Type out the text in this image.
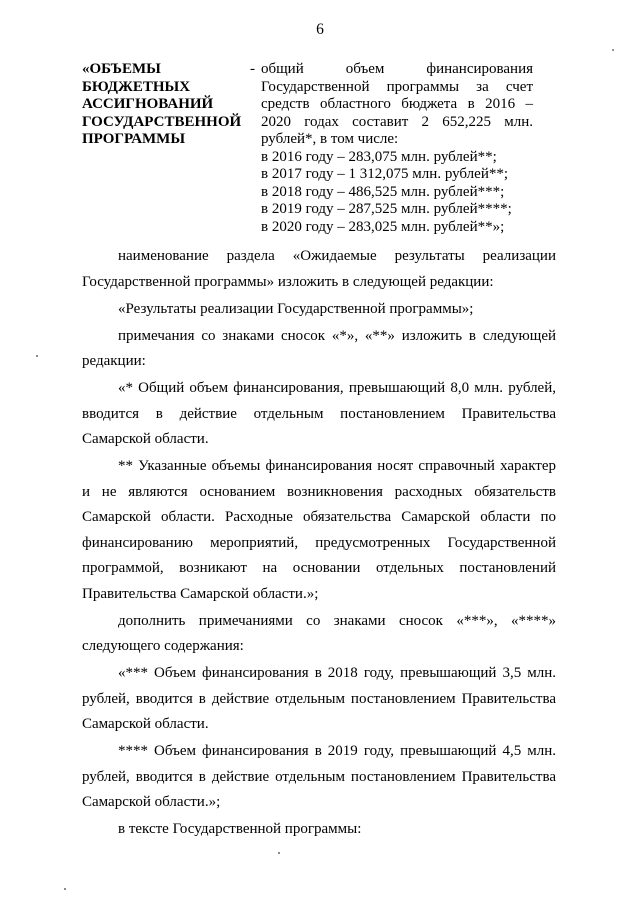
6
«ОБЪЕМЫ
БЮДЖЕТНЫХ
АССИГНОВАНИЙ
ГОСУДАРСТВЕННОЙ
ПРОГРАММЫ
- общий объем финансирования
Государственной программы за счет
средств областного бюджета в 2016 –
2020 годах составит 2 652,225 млн.
рублей*, в том числе:
в 2016 году – 283,075 млн. рублей**;
в 2017 году – 1 312,075 млн. рублей**;
в 2018 году – 486,525 млн. рублей***;
в 2019 году – 287,525 млн. рублей****;
в 2020 году – 283,025 млн. рублей**»;

наименование раздела «Ожидаемые результаты реализации Государственной программы» изложить в следующей редакции:

«Результаты реализации Государственной программы»;

примечания со знаками сносок «*», «**» изложить в следующей редакции:

«* Общий объем финансирования, превышающий 8,0 млн. рублей, вводится в действие отдельным постановлением Правительства Самарской области.

** Указанные объемы финансирования носят справочный характер и не являются основанием возникновения расходных обязательств Самарской области. Расходные обязательства Самарской области по финансированию мероприятий, предусмотренных Государственной программой, возникают на основании отдельных постановлений Правительства Самарской области.»;

дополнить примечаниями со знаками сносок «***», «****» следующего содержания:

«*** Объем финансирования в 2018 году, превышающий 3,5 млн. рублей, вводится в действие отдельным постановлением Правительства Самарской области.

**** Объем финансирования в 2019 году, превышающий 4,5 млн. рублей, вводится в действие отдельным постановлением Правительства Самарской области.»;

в тексте Государственной программы:
